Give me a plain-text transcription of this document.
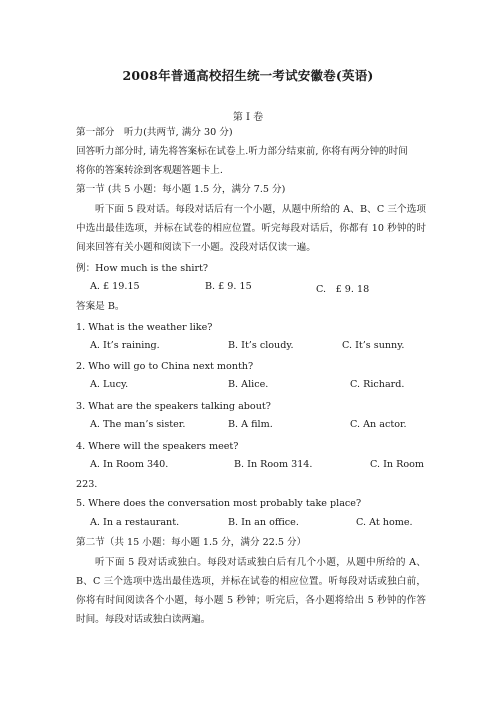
2008年普通高校招生统一考试安徽卷(英语)
第 I 卷
第一部分　听力(共两节, 满分 30 分)
回答听力部分时, 请先将答案标在试卷上.听力部分结束前, 你将有两分钟的时间
将你的答案转涂到客观题答题卡上.
第一节 (共 5 小题：每小题 1.5 分，满分 7.5 分)
听下面 5 段对话。每段对话后有一个小题，从题中所给的 A、B、C 三个选项中选出最佳选项，并标在试卷的相应位置。听完每段对话后，你都有 10 秒钟的时间来回答有关小题和阅读下一小题。没段对话仅读一遍。
例：How much is the shirt?
A. £ 19.15	B. £ 9. 15	C.　£ 9. 18
答案是 B。
1. What is the weather like?
A. It’s raining.	B. It’s cloudy.	C. It’s sunny.
2. Who will go to China next month?
A. Lucy.	B. Alice.	C. Richard.
3. What are the speakers talking about?
A. The man’s sister.	B. A film.	C. An actor.
4. Where will the speakers meet?
A. In Room 340.	B. In Room 314.	C. In Room
223.
5. Where does the conversation most probably take place?
A. In a restaurant.	B. In an office.	C. At home.
第二节（共 15 小题：每小题 1.5 分，满分 22.5 分）
听下面 5 段对话或独白。每段对话或独白后有几个小题，从题中所给的 A、B、C 三个选项中选出最佳选项，并标在试卷的相应位置。听每段对话或独白前，你将有时间阅读各个小题，每小题 5 秒钟；听完后，各小题将给出 5 秒钟的作答时间。每段对话或独白读两遍。
